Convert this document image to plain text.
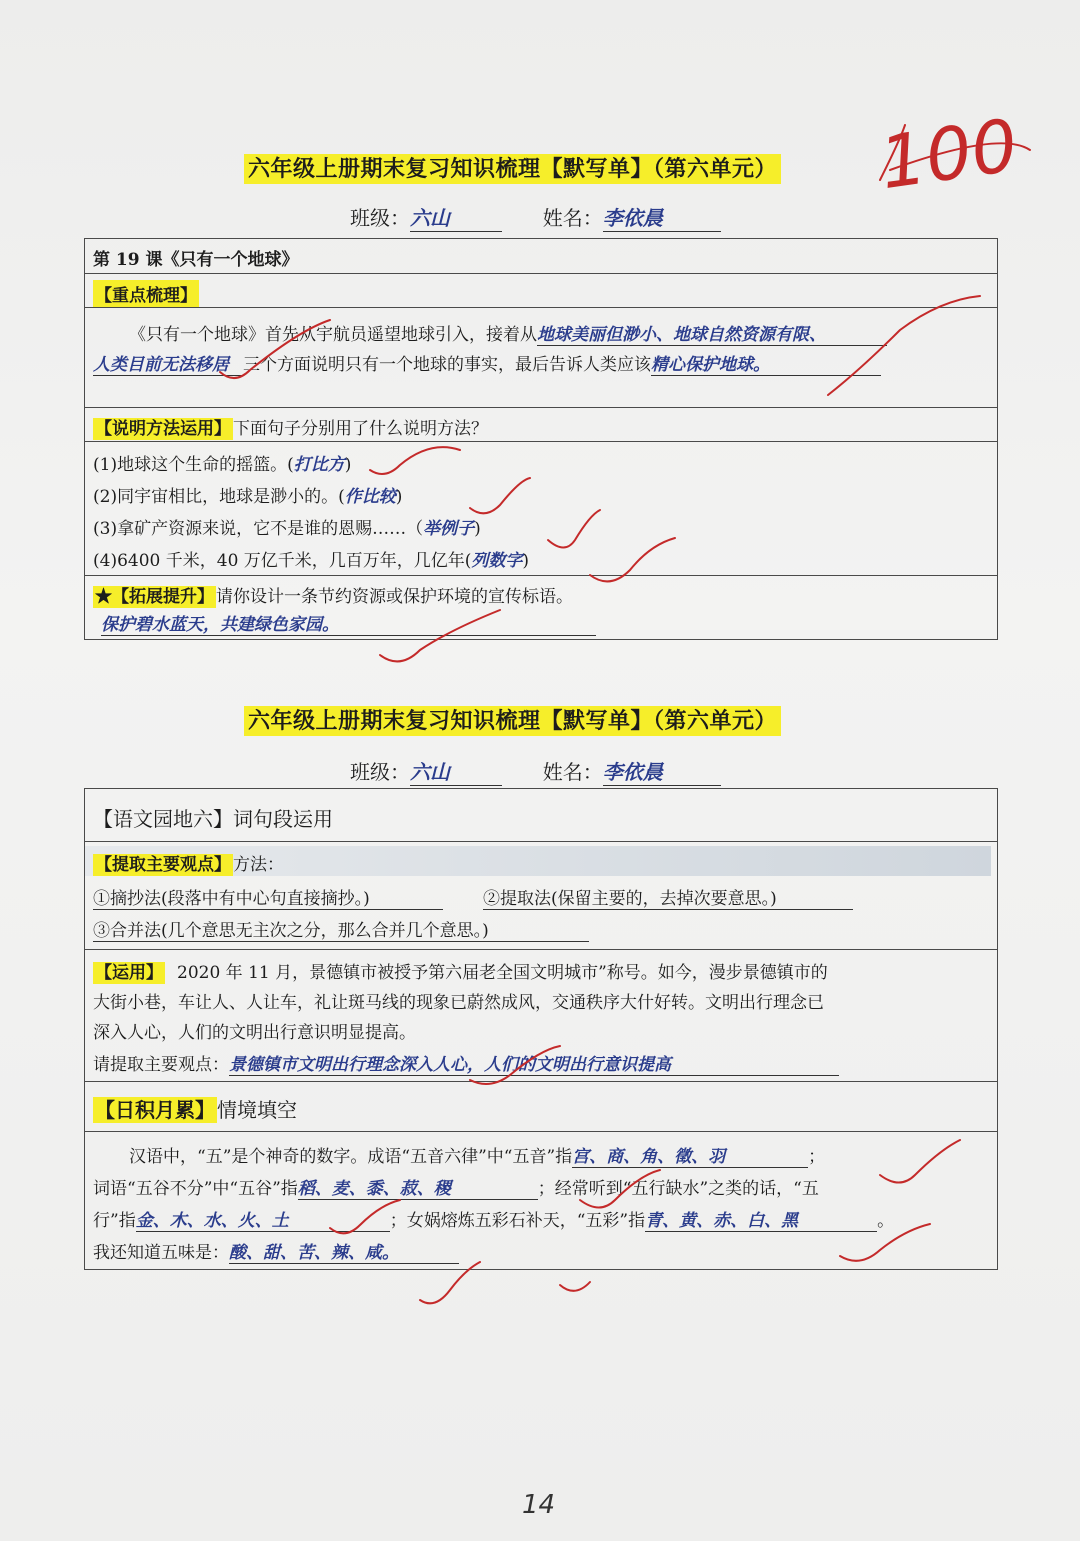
100
六年级上册期末复习知识梳理【默写单】（第六单元）
班级：六山	姓名：李依晨
第 19 课《只有一个地球》
【重点梳理】
《只有一个地球》首先从宇航员遥望地球引入，接着从地球美丽但渺小、地球自然资源有限、
人类目前无法移居 三个方面说明只有一个地球的事实，最后告诉人类应该精心保护地球。
【说明方法运用】 下面句子分别用了什么说明方法？
(1)地球这个生命的摇篮。(打比方)
(2)同宇宙相比，地球是渺小的。(作比较)
(3)拿矿产资源来说，它不是谁的恩赐……（举例子)
(4)6400 千米，40 万亿千米，几百万年，几亿年(列数字)
★【拓展提升】 请你设计一条节约资源或保护环境的宣传标语。
保护碧水蓝天，共建绿色家园。
六年级上册期末复习知识梳理【默写单】（第六单元）
班级：六山	姓名：李依晨
【语文园地六】词句段运用
【提取主要观点】 方法：
①摘抄法(段落中有中心句直接摘抄。)	②提取法(保留主要的，去掉次要意思。)
③合并法(几个意思无主次之分，那么合并几个意思。)
【运用】 2020 年 11 月，景德镇市被授予第六届老全国文明城市”称号。如今，漫步景德镇市的
大街小巷，车让人、人让车，礼让斑马线的现象已蔚然成风，交通秩序大什好转。文明出行理念已
深入人心，人们的文明出行意识明显提高。
请提取主要观点：景德镇市文明出行理念深入人心，人们的文明出行意识提高
【日积月累】 情境填空
汉语中，“五”是个神奇的数字。成语“五音六律”中“五音”指宫、商、角、徵、羽	；
词语“五谷不分”中“五谷”指稻、麦、黍、菽、稷	；经常听到“五行缺水”之类的话，“五
行”指金、木、水、火、土	；女娲熔炼五彩石补天，“五彩”指青、黄、赤、白、黑	。
我还知道五味是：酸、甜、苦、辣、咸。
14
